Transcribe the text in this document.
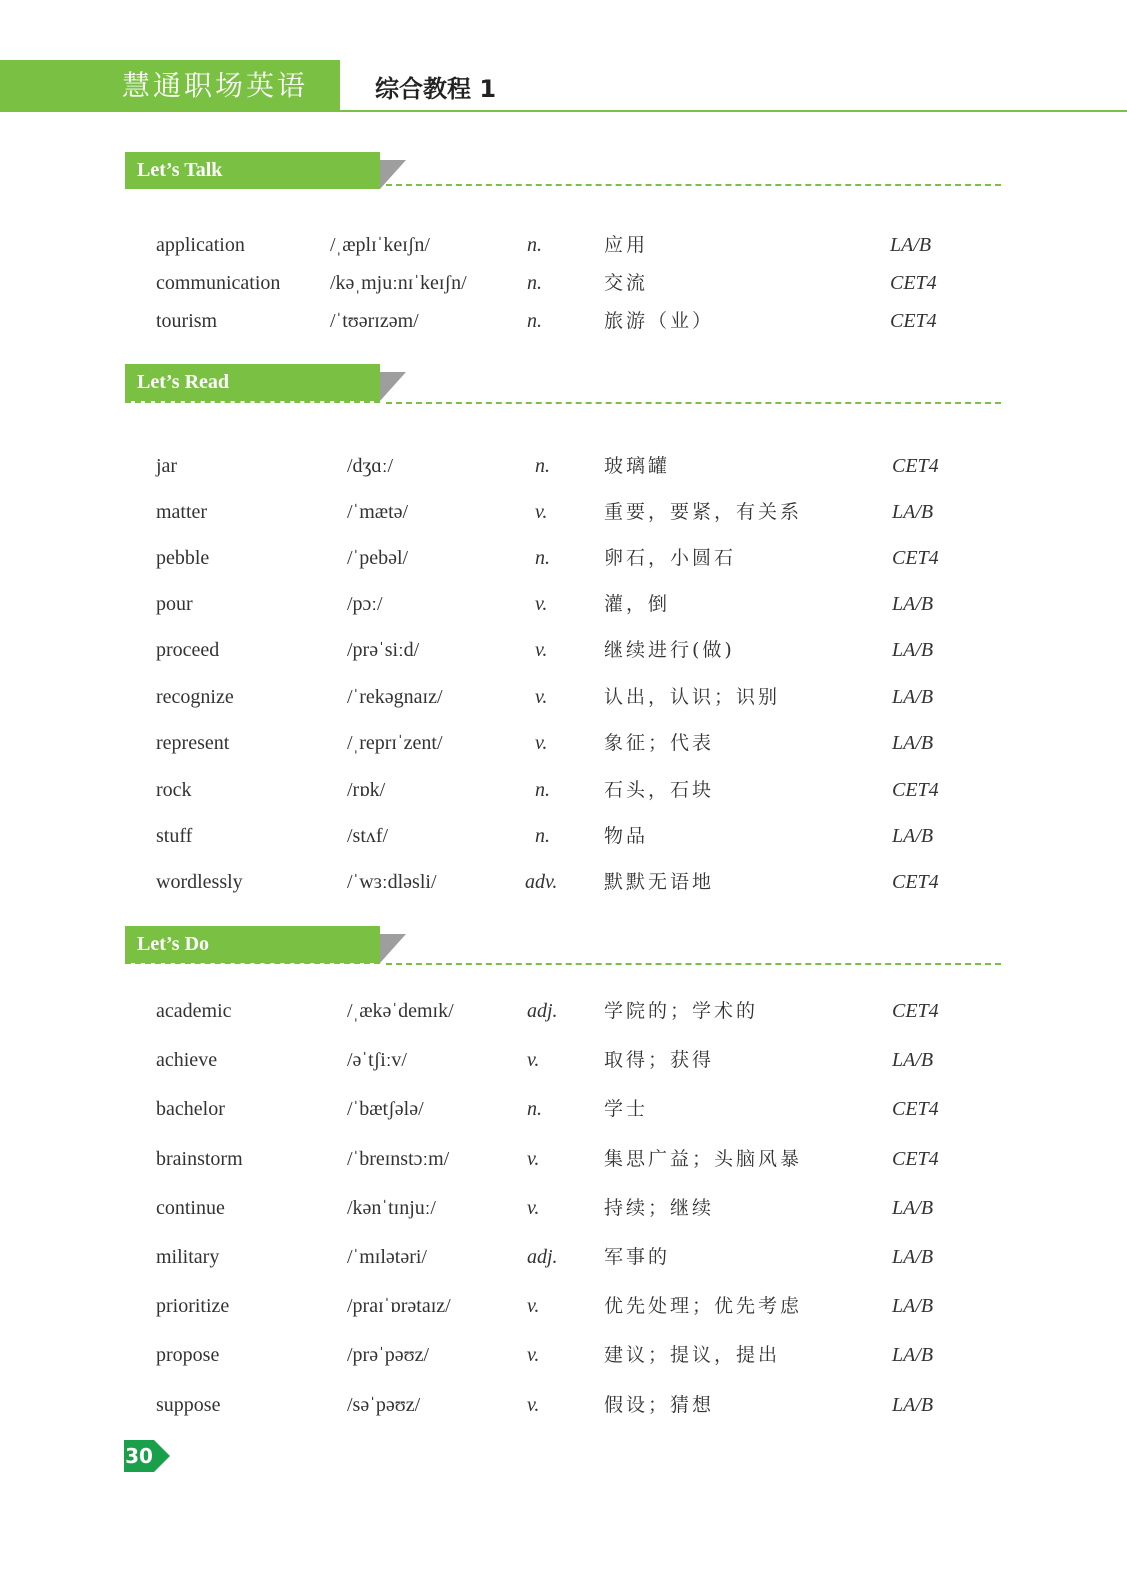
慧通职场英语	综合教程 1
Let’s Talk
application	/ˌæplɪˈkeɪʃn/	n.	应用	LA/B
communication /kəˌmjuːnɪˈkeɪʃn/	n.	交流	CET4
tourism	/ˈtʊərɪzəm/	n.	旅游（业）	CET4
Let’s Read
jar	/dʒɑː/	n.	玻璃罐	CET4
matter	/ˈmætə/	v.	重要，要紧，有关系	LA/B
pebble	/ˈpebəl/	n.	卵石，小圆石	CET4
pour	/pɔː/	v.	灌，倒	LA/B
proceed	/prəˈsiːd/	v.	继续进行(做)	LA/B
recognize	/ˈrekəgnaɪz/	v.	认出，认识；识别	LA/B
represent	/ˌreprɪˈzent/	v.	象征；代表	LA/B
rock	/rɒk/	n.	石头，石块	CET4
stuff	/stʌf/	n.	物品	LA/B
wordlessly	/ˈwɜːdləsli/	adv. 默默无语地	CET4
Let’s Do
academic	/ˌækəˈdemɪk/	adj. 学院的；学术的	CET4
achieve	/əˈtʃiːv/	v.	取得；获得	LA/B
bachelor	/ˈbætʃələ/	n.	学士	CET4
brainstorm	/ˈbreɪnstɔːm/	v.	集思广益；头脑风暴	CET4
continue	/kənˈtɪnjuː/	v.	持续；继续	LA/B
military	/ˈmɪlətəri/	adj. 军事的	LA/B
prioritize	/praɪˈɒrətaɪz/	v.	优先处理；优先考虑	LA/B
propose	/prəˈpəʊz/	v.	建议；提议，提出	LA/B
suppose	/səˈpəʊz/	v.	假设；猜想	LA/B
30
